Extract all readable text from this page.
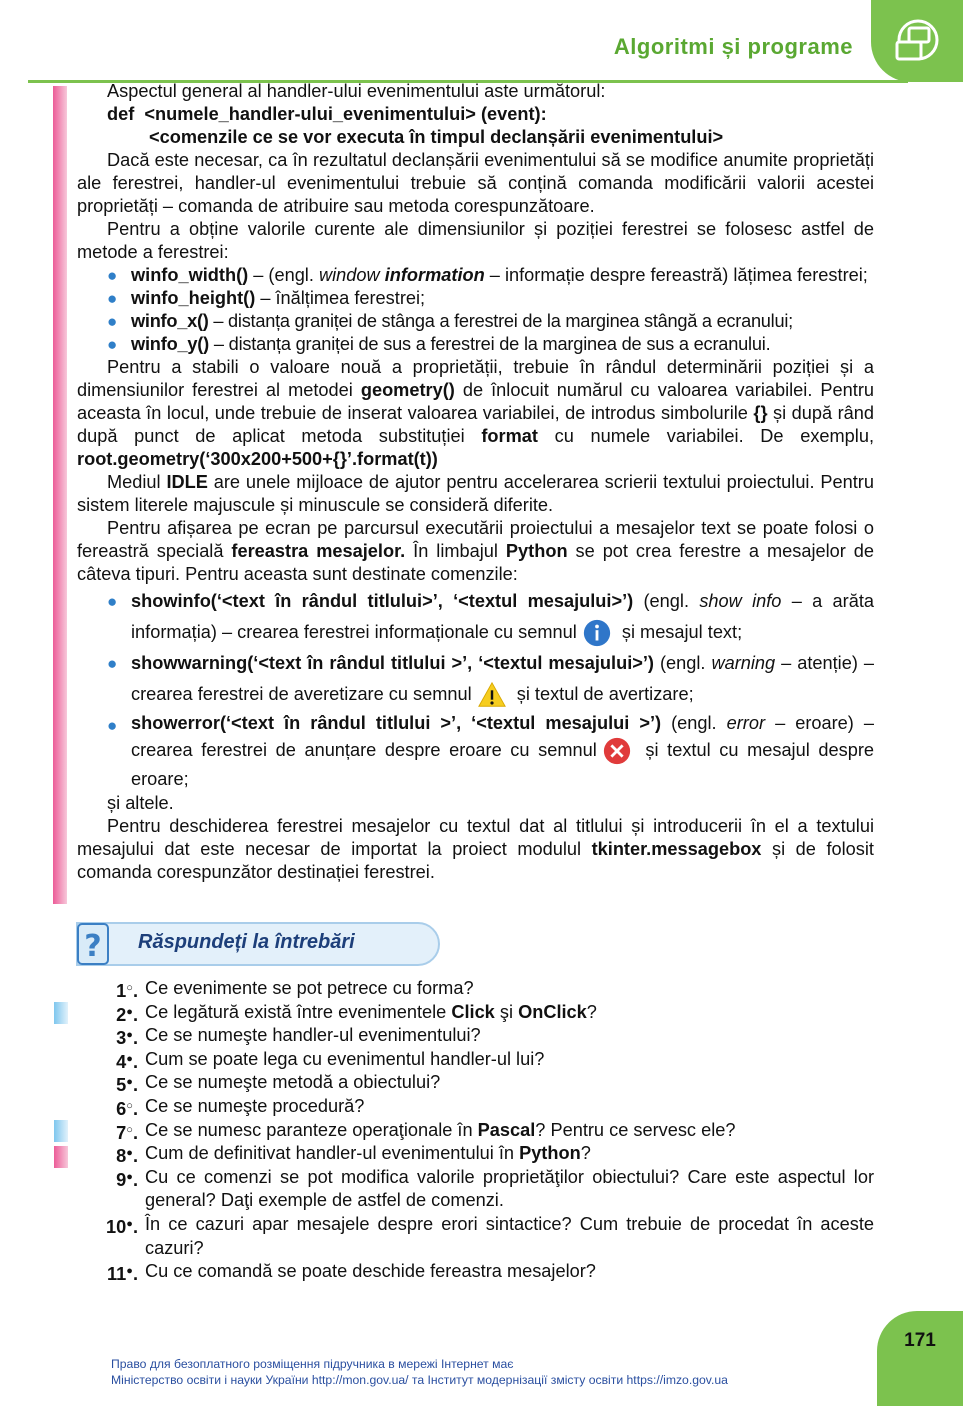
Algoritmi și programe

Aspectul general al handler-ului evenimentului aste următorul:

def <numele_handler-ului_evenimentului> (event):

<comenzile ce se vor executa în timpul declanșării evenimentului>

Dacă este necesar, ca în rezultatul declanșării evenimentului să se modifice anumite proprietăți ale ferestrei, handler-ul evenimentului trebuie să conțină comanda modificării valorii acestei proprietăți – comanda de atribuire sau metoda corespunzătoare.

Pentru a obține valorile curente ale dimensiunilor și poziției ferestrei se folosesc astfel de metode a ferestrei:

● winfo_width() – (engl. window information – informație despre fereastră) lățimea ferestrei;
● winfo_height() – înălțimea ferestrei;
● winfo_x() – distanța graniței de stânga a ferestrei de la marginea stângă a ecranului;
● winfo_y() – distanța graniței de sus a ferestrei de la marginea de sus a ecranului.

Pentru a stabili o valoare nouă a proprietății, trebuie în rândul determinării poziției și a dimensiunilor ferestrei al metodei geometry() de înlocuit numărul cu valoarea variabilei. Pentru aceasta în locul, unde trebuie de inserat valoarea variabilei, de introdus simbolurile {} și după rând după punct de aplicat metoda substituției format cu numele variabilei. De exemplu, root.geometry(‘300x200+500+{}’.format(t))

Mediul IDLE are unele mijloace de ajutor pentru accelerarea scrierii textului proiectului. Pentru sistem literele majuscule și minuscule se consideră diferite.

Pentru afișarea pe ecran pe parcursul executării proiectului a mesajelor text se poate folosi o fereastră specială fereastra mesajelor. În limbajul Python se pot crea ferestre a mesajelor de câteva tipuri. Pentru aceasta sunt destinate comenzile:

● showinfo(‘<text în rândul titlului>’, ‘<textul mesajului>’) (engl. show info – a arăta informația) – crearea ferestrei informaționale cu semnul și mesajul text;
● showwarning(‘<text în rândul titlului >’, ‘<textul mesajului>’) (engl. warning – atenție) – crearea ferestrei de averetizare cu semnul și textul de avertizare;
● showerror(‘<text în rândul titlului >’, ‘<textul mesajului >’) (engl. error – eroare) – crearea ferestrei de anunțare despre eroare cu semnul și textul cu mesajul despre eroare;

și altele.

Pentru deschiderea ferestrei mesajelor cu textul dat al titlului și introducerii în el a textului mesajului dat este necesar de importat la proiect modulul tkinter.messagebox și de folosit comanda corespunzător destinației ferestrei.

? Răspundeți la întrebări
1○. Ce evenimente se pot petrece cu forma?
2●. Ce legătură există între evenimentele Click şi OnClick?
3●. Ce se numeşte handler-ul evenimentului?
4●. Cum se poate lega cu evenimentul handler-ul lui?
5●. Ce se numeşte metodă a obiectului?
6○. Ce se numeşte procedură?
7○. Ce se numesc paranteze operaţionale în Pascal? Pentru ce servesc ele?
8●. Cum de definitivat handler-ul evenimentului în Python?
9●. Cu ce comenzi se pot modifica valorile proprietăţilor obiectului? Care este aspectul lor general? Daţi exemple de astfel de comenzi.
10●. În ce cazuri apar mesajele despre erori sintactice? Cum trebuie de procedat în aceste cazuri?
11●. Cu ce comandă se poate deschide fereastra mesajelor?
Право для безоплатного розміщення підручника в мережі Інтернет має
Міністерство освіти і науки України http://mon.gov.ua/ та Інститут модернізації змісту освіти https://imzo.gov.ua
171
